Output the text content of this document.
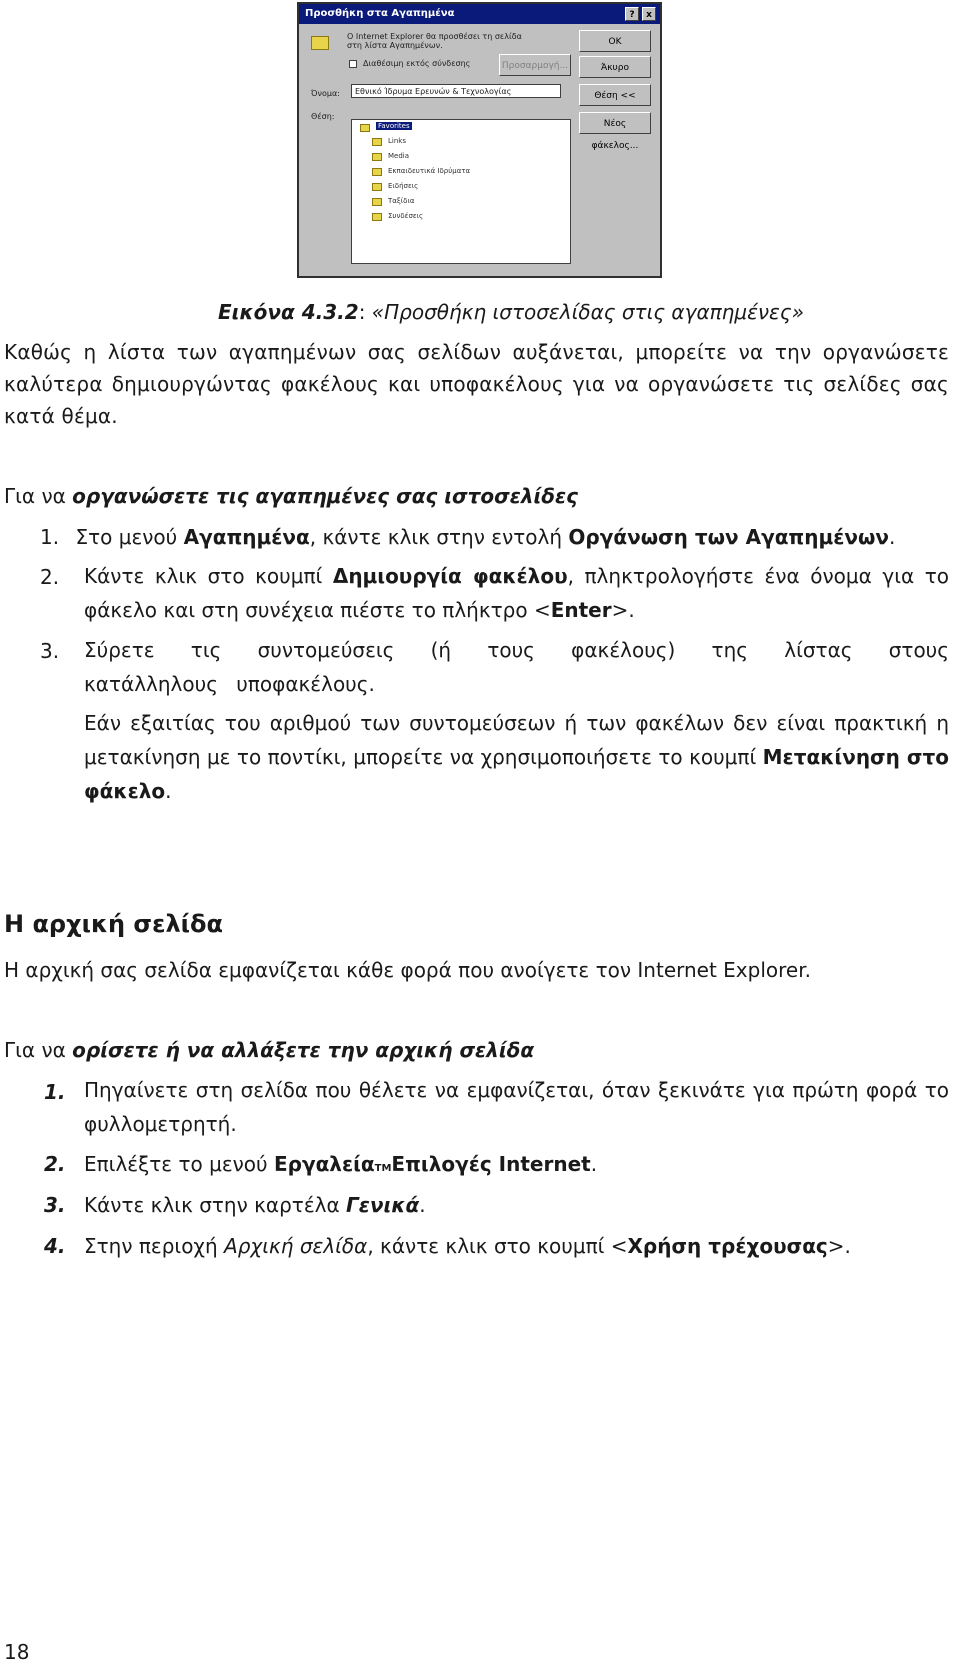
Προσθήκη στα Αγαπημένα	?	x
Ο Internet Explorer θα προσθέσει τη σελίδα στη λίστα Αγαπημένων.
Διαθέσιμη εκτός σύνδεσης	Προσαρμογή...
Όνομα:	Εθνικό Ίδρυμα Ερευνών & Τεχνολογίας
Θέση:
OK
Άκυρο
Θέση <<
Νέος φάκελος...
Favorites
Links
Media
Εκπαιδευτικά Ιδρύματα
Ειδήσεις
Ταξίδια
Συνδέσεις
Εικόνα 4.3.2: «Προσθήκη ιστοσελίδας στις αγαπημένες»

Καθώς η λίστα των αγαπημένων σας σελίδων αυξάνεται, μπορείτε να την οργανώσετε καλύτερα δημιουργώντας φακέλους και υποφακέλους για να οργανώσετε τις σελίδες σας κατά θέμα.

Για να οργανώσετε τις αγαπημένες σας ιστοσελίδες
1. Στο μενού Αγαπημένα, κάντε κλικ στην εντολή Οργάνωση των Αγαπημένων.
2.	Κάντε κλικ στο κουμπί Δημιουργία φακέλου, πληκτρολογήστε ένα όνομα για το φάκελο και στη συνέχεια πιέστε το πλήκτρο <Enter>.

3.	Σύρετε τις συντομεύσεις (ή τους φακέλους) της λίστας στους κατάλληλους υποφακέλους.

Εάν εξαιτίας του αριθμού των συντομεύσεων ή των φακέλων δεν είναι πρακτική η μετακίνηση με το ποντίκι, μπορείτε να χρησιμοποιήσετε το κουμπί Μετακίνηση στο φάκελο.

Η αρχική σελίδα
Η αρχική σας σελίδα εμφανίζεται κάθε φορά που ανοίγετε τον Internet Explorer.
Για να ορίσετε ή να αλλάξετε την αρχική σελίδα
1. Πηγαίνετε στη σελίδα που θέλετε να εμφανίζεται, όταν ξεκινάτε για πρώτη φορά το φυλλομετρητή.

2. Επιλέξτε το μενού ΕργαλείαTMΕπιλογές Internet.
3. Κάντε κλικ στην καρτέλα Γενικά.
4. Στην περιοχή Αρχική σελίδα, κάντε κλικ στο κουμπί <Χρήση τρέχουσας>.
18
